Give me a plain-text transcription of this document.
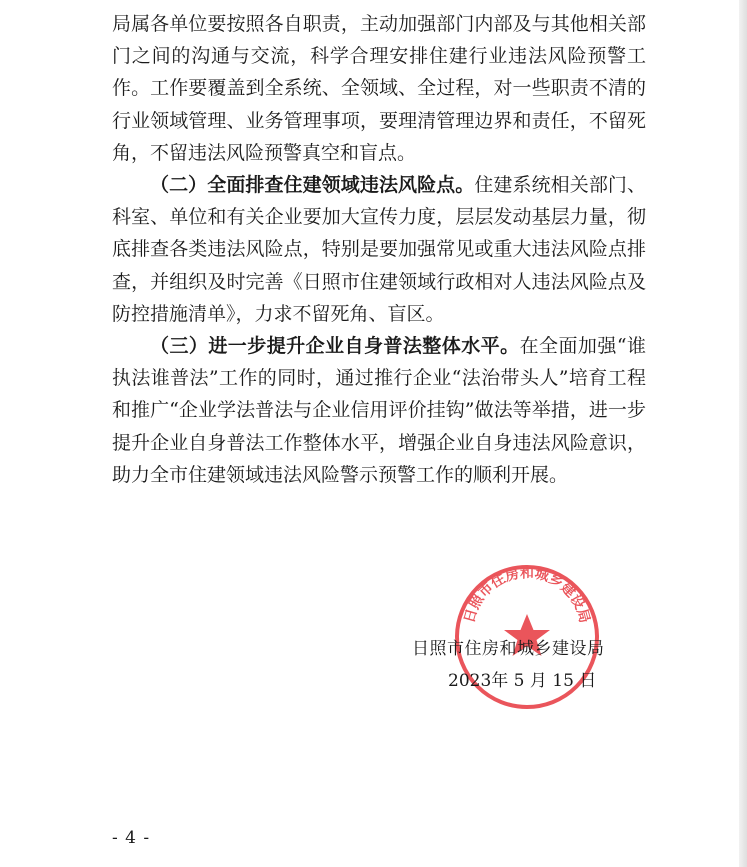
局属各单位要按照各自职责，主动加强部门内部及与其他相关部门之间的沟通与交流，科学合理安排住建行业违法风险预警工作。工作要覆盖到全系统、全领域、全过程，对一些职责不清的行业领域管理、业务管理事项，要理清管理边界和责任，不留死角，不留违法风险预警真空和盲点。

（二）全面排查住建领域违法风险点。住建系统相关部门、科室、单位和有关企业要加大宣传力度，层层发动基层力量，彻底排查各类违法风险点，特别是要加强常见或重大违法风险点排查，并组织及时完善《日照市住建领域行政相对人违法风险点及防控措施清单》，力求不留死角、盲区。

（三）进一步提升企业自身普法整体水平。在全面加强“谁执法谁普法”工作的同时，通过推行企业“法治带头人”培育工程和推广“企业学法普法与企业信用评价挂钩”做法等举措，进一步提升企业自身普法工作整体水平，增强企业自身违法风险意识，助力全市住建领域违法风险警示预警工作的顺利开展。

日照市住房和城乡建设局
日照市住房和城乡建设局
2023年 5 月 15 日
- 4 -
